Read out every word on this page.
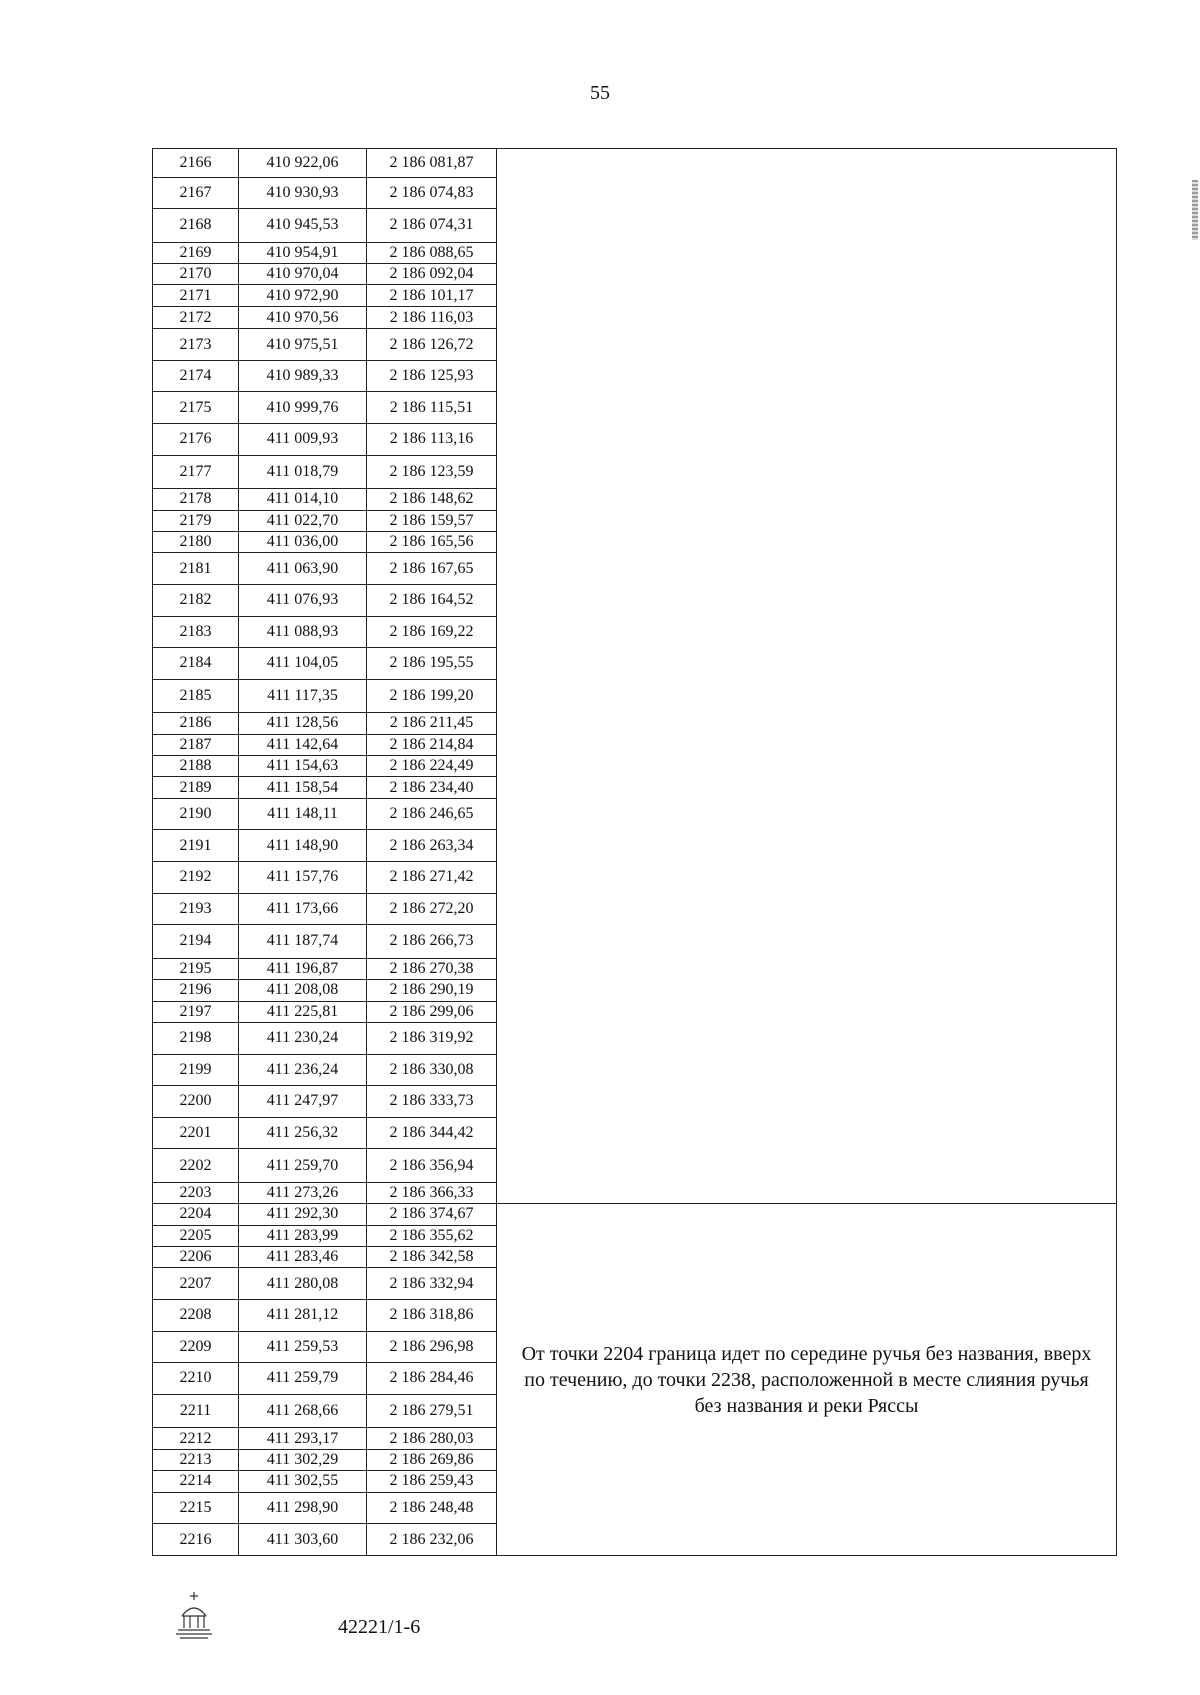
55
2166	410 922,06	2 186 081,87	
2167	410 930,93	2 186 074,83	
2168	410 945,53	2 186 074,31	
2169	410 954,91	2 186 088,65	
2170	410 970,04	2 186 092,04	
2171	410 972,90	2 186 101,17	
2172	410 970,56	2 186 116,03	
2173	410 975,51	2 186 126,72	
2174	410 989,33	2 186 125,93	
2175	410 999,76	2 186 115,51	
2176	411 009,93	2 186 113,16	
2177	411 018,79	2 186 123,59	
2178	411 014,10	2 186 148,62	
2179	411 022,70	2 186 159,57	
2180	411 036,00	2 186 165,56	
2181	411 063,90	2 186 167,65	
2182	411 076,93	2 186 164,52	
2183	411 088,93	2 186 169,22	
2184	411 104,05	2 186 195,55	
2185	411 117,35	2 186 199,20	
2186	411 128,56	2 186 211,45	
2187	411 142,64	2 186 214,84	
2188	411 154,63	2 186 224,49	
2189	411 158,54	2 186 234,40	
2190	411 148,11	2 186 246,65	
2191	411 148,90	2 186 263,34	
2192	411 157,76	2 186 271,42	
2193	411 173,66	2 186 272,20	
2194	411 187,74	2 186 266,73	
2195	411 196,87	2 186 270,38	
2196	411 208,08	2 186 290,19	
2197	411 225,81	2 186 299,06	
2198	411 230,24	2 186 319,92	
2199	411 236,24	2 186 330,08	
2200	411 247,97	2 186 333,73	
2201	411 256,32	2 186 344,42	
2202	411 259,70	2 186 356,94	
2203	411 273,26	2 186 366,33	
2204	411 292,30	2 186 374,67	От точки 2204 граница идет по середине ручья без названия, вверх по течению, до точки 2238, расположенной в месте слияния ручья без названия и реки Ряссы
2205	411 283,99	2 186 355,62	
2206	411 283,46	2 186 342,58	
2207	411 280,08	2 186 332,94	
2208	411 281,12	2 186 318,86	
2209	411 259,53	2 186 296,98	
2210	411 259,79	2 186 284,46	
2211	411 268,66	2 186 279,51	
2212	411 293,17	2 186 280,03	
2213	411 302,29	2 186 269,86	
2214	411 302,55	2 186 259,43	
2215	411 298,90	2 186 248,48	
2216	411 303,60	2 186 232,06	
42221/1-6
